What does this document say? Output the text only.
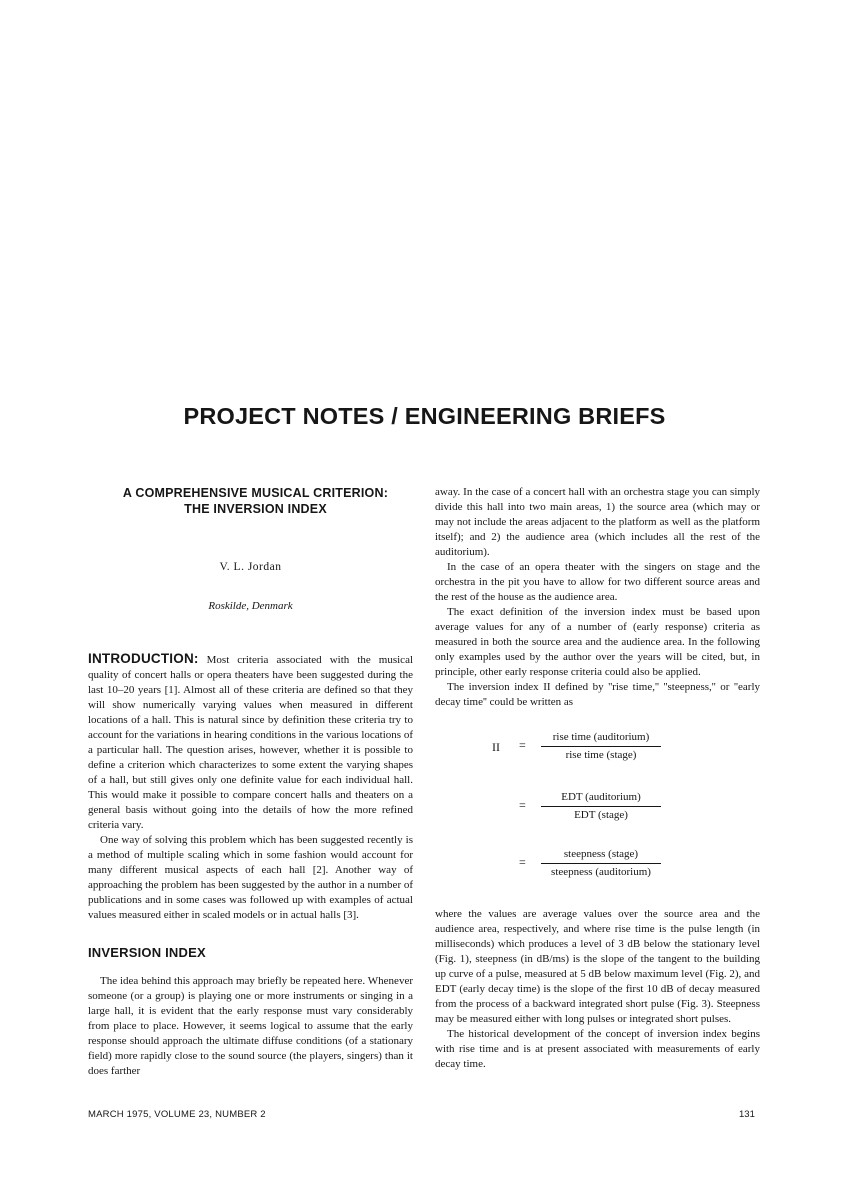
PROJECT NOTES / ENGINEERING BRIEFS
A COMPREHENSIVE MUSICAL CRITERION:
THE INVERSION INDEX
V. L. Jordan
Roskilde, Denmark

INTRODUCTION: Most criteria associated with the musical quality of concert halls or opera theaters have been suggested during the last 10–20 years [1]. Almost all of these criteria are defined so that they will show numerically varying values when measured in different locations of a hall. This is natural since by definition these criteria try to account for the variations in hearing conditions in the various locations of a particular hall. The question arises, however, whether it is possible to define a criterion which characterizes to some extent the varying shapes of a hall, but still gives only one definite value for each individual hall. This would make it possible to compare concert halls and theaters on a general basis without going into the details of how the more refined criteria vary.

One way of solving this problem which has been suggested recently is a method of multiple scaling which in some fashion would account for many different musical aspects of each hall [2]. Another way of approaching the problem has been suggested by the author in a number of publications and in some cases was followed up with examples of actual values measured either in scaled models or in actual halls [3].

INVERSION INDEX

The idea behind this approach may briefly be repeated here. Whenever someone (or a group) is playing one or more instruments or singing in a large hall, it is evident that the early response must vary considerably from place to place. However, it seems logical to assume that the early response should approach the ultimate diffuse conditions (of a stationary field) more rapidly close to the sound source (the players, singers) than it does farther

away. In the case of a concert hall with an orchestra stage you can simply divide this hall into two main areas, 1) the source area (which may or may not include the areas adjacent to the platform as well as the platform itself); and 2) the audience area (which includes all the rest of the auditorium).

In the case of an opera theater with the singers on stage and the orchestra in the pit you have to allow for two different source areas and the rest of the house as the audience area.

The exact definition of the inversion index must be based upon average values for any of a number of (early response) criteria as measured in both the source area and the audience area. In the following only examples used by the author over the years will be cited, but, in principle, other early response criteria could also be applied.

The inversion index II defined by ''rise time,'' ''steepness,'' or ''early decay time'' could be written as

II =
rise time (auditorium)
rise time (stage)
=
EDT (auditorium)
EDT (stage)
=
steepness (stage)
steepness (auditorium)

where the values are average values over the source area and the audience area, respectively, and where rise time is the pulse length (in milliseconds) which produces a level of 3 dB below the stationary level (Fig. 1), steepness (in dB/ms) is the slope of the tangent to the building up curve of a pulse, measured at 5 dB below maximum level (Fig. 2), and EDT (early decay time) is the slope of the first 10 dB of decay measured from the process of a backward integrated short pulse (Fig. 3). Steepness may be measured either with long pulses or integrated short pulses.

The historical development of the concept of inversion index begins with rise time and is at present associated with measurements of early decay time.

MARCH 1975, VOLUME 23, NUMBER 2	131
